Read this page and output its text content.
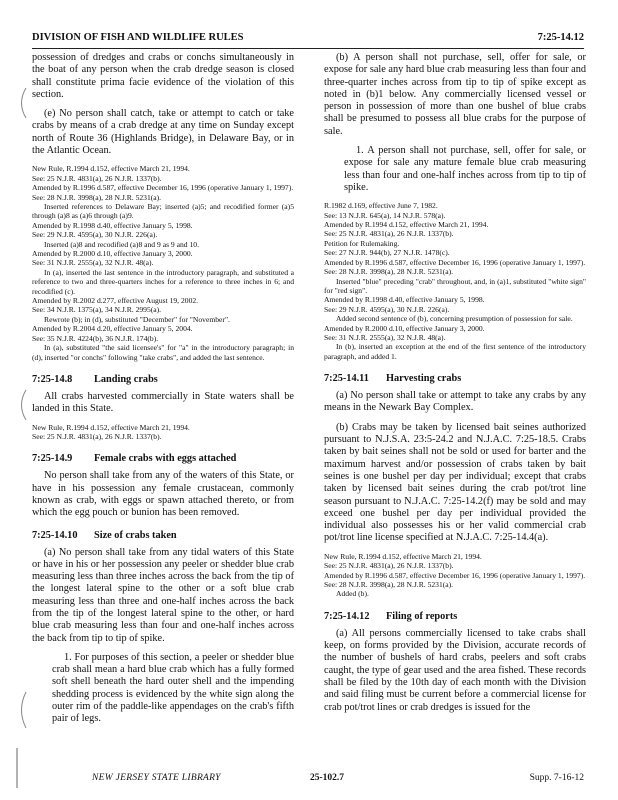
DIVISION OF FISH AND WILDLIFE RULES	7:25-14.12

possession of dredges and crabs or conchs simultaneously in the boat of any person when the crab dredge season is closed shall constitute prima facie evidence of the violation of this section.

(e) No person shall catch, take or attempt to catch or take crabs by means of a crab dredge at any time on Sunday except north of Route 36 (Highlands Bridge), in Delaware Bay, or in the Atlantic Ocean.

New Rule, R.1994 d.152, effective March 21, 1994.

See: 25 N.J.R. 4831(a), 26 N.J.R. 1337(b).

Amended by R.1996 d.587, effective December 16, 1996 (operative January 1, 1997).

See: 28 N.J.R. 3998(a), 28 N.J.R. 5231(a).

Inserted references to Delaware Bay; inserted (a)5; and recodified former (a)5 through (a)8 as (a)6 through (a)9.

Amended by R.1998 d.40, effective January 5, 1998.

See: 29 N.J.R. 4595(a), 30 N.J.R. 226(a).

Inserted (a)8 and recodified (a)8 and 9 as 9 and 10.

Amended by R.2000 d.10, effective January 3, 2000.

See: 31 N.J.R. 2555(a), 32 N.J.R. 48(a).

In (a), inserted the last sentence in the introductory paragraph, and substituted a reference to two and three-quarters inches for a reference to three inches in 6; and recodified (c).

Amended by R.2002 d.277, effective August 19, 2002.

See: 34 N.J.R. 1375(a), 34 N.J.R. 2995(a).

Rewrote (b); in (d), substituted "December" for "November".

Amended by R.2004 d.20, effective January 5, 2004.

See: 35 N.J.R. 4224(b), 36 N.J.R. 174(b).

In (a), substituted "the said licensee's" for "a" in the introductory paragraph; in (d), inserted "or conchs" following "take crabs", and added the last sentence.

7:25-14.8 Landing crabs

All crabs harvested commercially in State waters shall be landed in this State.

New Rule, R.1994 d.152, effective March 21, 1994.

See: 25 N.J.R. 4831(a), 26 N.J.R. 1337(b).

7:25-14.9 Female crabs with eggs attached

No person shall take from any of the waters of this State, or have in his possession any female crustacean, commonly known as crab, with eggs or spawn attached thereto, or from which the egg pouch or bunion has been removed.

7:25-14.10 Size of crabs taken

(a) No person shall take from any tidal waters of this State or have in his or her possession any peeler or shedder blue crab measuring less than three inches across the back from the tip of the longest lateral spine to the other or a soft blue crab measuring less than three and one-half inches across the back from the tip of the longest lateral spine to the other, or hard blue crab measuring less than four and one-half inches across the back from tip to tip of spike.

1. For purposes of this section, a peeler or shedder blue crab shall mean a hard blue crab which has a fully formed soft shell beneath the hard outer shell and the impending shedding process is evidenced by the white sign along the outer rim of the paddle-like appendages on the crab's fifth pair of legs.

(b) A person shall not purchase, sell, offer for sale, or expose for sale any hard blue crab measuring less than four and three-quarter inches across from tip to tip of spike except as noted in (b)1 below. Any commercially licensed vessel or person in possession of more than one bushel of blue crabs shall be presumed to possess all blue crabs for the purpose of sale.

1. A person shall not purchase, sell, offer for sale, or expose for sale any mature female blue crab measuring less than four and one-half inches across from tip to tip of spike.

R.1982 d.169, effective June 7, 1982.

See: 13 N.J.R. 645(a), 14 N.J.R. 578(a).

Amended by R.1994 d.152, effective March 21, 1994.

See: 25 N.J.R. 4831(a), 26 N.J.R. 1337(b).

Petition for Rulemaking.

See: 27 N.J.R. 944(b), 27 N.J.R. 1478(c).

Amended by R.1996 d.587, effective December 16, 1996 (operative January 1, 1997).

See: 28 N.J.R. 3998(a), 28 N.J.R. 5231(a).

Inserted "blue" preceding "crab" throughout, and, in (a)1, substituted "white sign" for "red sign".

Amended by R.1998 d.40, effective January 5, 1998.

See: 29 N.J.R. 4595(a), 30 N.J.R. 226(a).

Added second sentence of (b), concerning presumption of possession for sale.

Amended by R.2000 d.10, effective January 3, 2000.

See: 31 N.J.R. 2555(a), 32 N.J.R. 48(a).

In (b), inserted an exception at the end of the first sentence of the introductory paragraph, and added 1.

7:25-14.11 Harvesting crabs

(a) No person shall take or attempt to take any crabs by any means in the Newark Bay Complex.

(b) Crabs may be taken by licensed bait seines authorized pursuant to N.J.S.A. 23:5-24.2 and N.J.A.C. 7:25-18.5. Crabs taken by bait seines shall not be sold or used for barter and the maximum harvest and/or possession of crabs taken by bait seines is one bushel per day per individual; except that crabs taken by licensed bait seines during the crab pot/trot line season pursuant to N.J.A.C. 7:25-14.2(f) may be sold and may exceed one bushel per day per individual provided the individual also possesses his or her valid commercial crab pot/trot line license specified at N.J.A.C. 7:25-14.4(a).

New Rule, R.1994 d.152, effective March 21, 1994.

See: 25 N.J.R. 4831(a), 26 N.J.R. 1337(b).

Amended by R.1996 d.587, effective December 16, 1996 (operative January 1, 1997).

See: 28 N.J.R. 3998(a), 28 N.J.R. 5231(a).

Added (b).

7:25-14.12 Filing of reports

(a) All persons commercially licensed to take crabs shall keep, on forms provided by the Division, accurate records of the number of bushels of hard crabs, peelers and soft crabs caught, the type of gear used and the area fished. These records shall be filed by the 10th day of each month with the Division and said filing must be current before a commercial license for crab pot/trot lines or crab dredges is issued for the

NEW JERSEY STATE LIBRARY	25-102.7	Supp. 7-16-12
